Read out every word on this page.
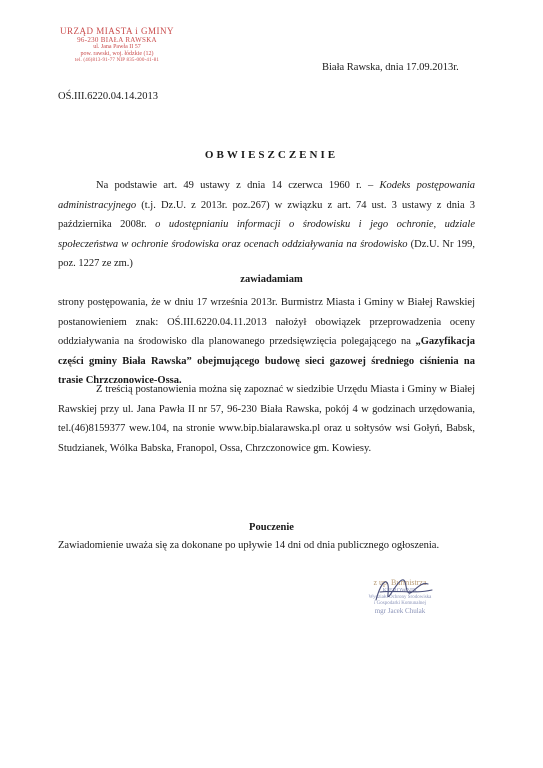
URZĄD MIASTA i GMINY
96-230 BIAŁA RAWSKA
ul. Jana Pawła II 57
pow. rawski, woj. łódzkie (12)
tel. (46)813-91-77 NIP 835-000-41-81
Biała Rawska, dnia 17.09.2013r.
OŚ.III.6220.04.14.2013
OBWIESZCZENIE
Na podstawie art. 49 ustawy z dnia 14 czerwca 1960 r. – Kodeks postępowania administracyjnego (t.j. Dz.U. z 2013r. poz.267) w związku z art. 74 ust. 3 ustawy z dnia 3 października 2008r. o udostępnianiu informacji o środowisku i jego ochronie, udziale społeczeństwa w ochronie środowiska oraz ocenach oddziaływania na środowisko (Dz.U. Nr 199, poz. 1227 ze zm.)
zawiadamiam
strony postępowania, że w dniu 17 września 2013r. Burmistrz Miasta i Gminy w Białej Rawskiej postanowieniem znak: OŚ.III.6220.04.11.2013 nałożył obowiązek przeprowadzenia oceny oddziaływania na środowisko dla planowanego przedsięwzięcia polegającego na „Gazyfikacja części gminy Biała Rawska” obejmującego budowę sieci gazowej średniego ciśnienia na trasie Chrzczonowice-Ossa.
Z treścią postanowienia można się zapoznać w siedzibie Urzędu Miasta i Gminy w Białej Rawskiej przy ul. Jana Pawła II nr 57, 96-230 Biała Rawska, pokój 4 w godzinach urzędowania, tel.(46)8159377 wew.104, na stronie www.bip.bialarawska.pl oraz u sołtysów wsi Gołyń, Babsk, Studzianek, Wólka Babska, Franopol, Ossa, Chrzczonowice gm. Kowiesy.
Pouczenie
Zawiadomienie uważa się za dokonane po upływie 14 dni od dnia publicznego ogłoszenia.
z up. Burmistrza
KIEROWNIK
Wydziału Ochrony Środowiska
i Gospodarki Komunalnej
mgr Jacek Chulak
